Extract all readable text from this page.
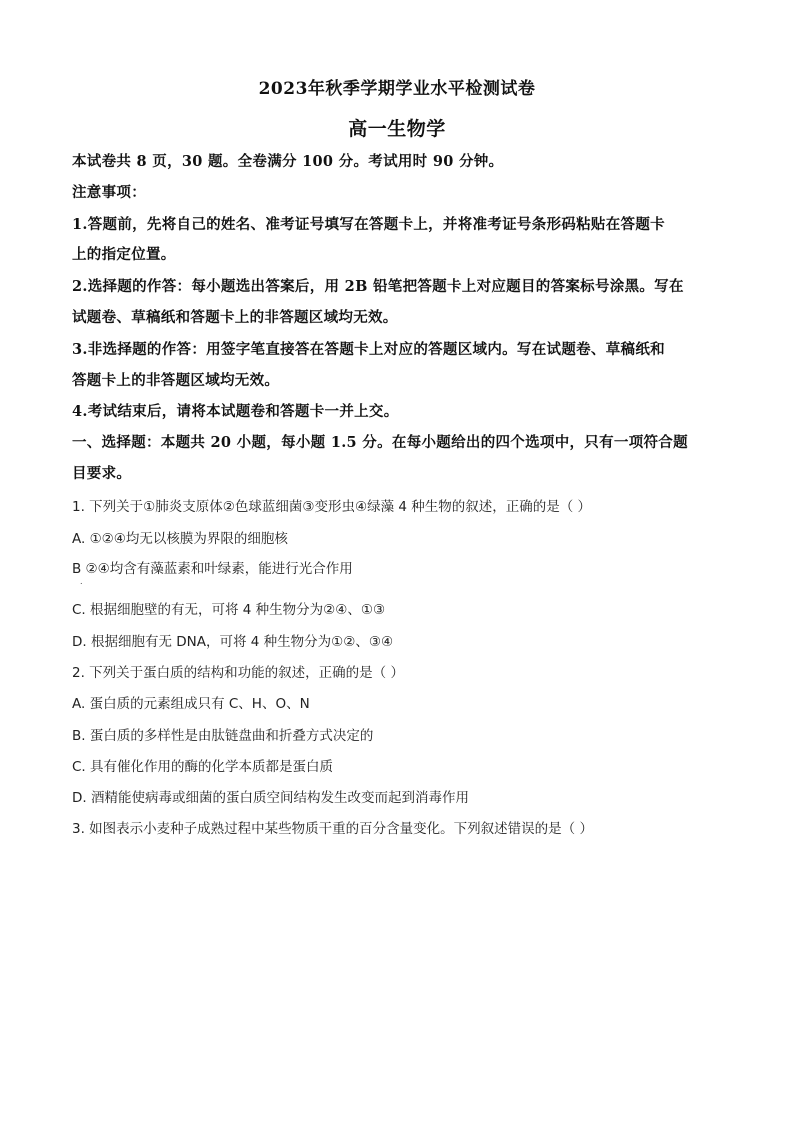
2023年秋季学期学业水平检测试卷
高一生物学
本试卷共 8 页，30 题。全卷满分 100 分。考试用时 90 分钟。
注意事项：
1.答题前，先将自己的姓名、准考证号填写在答题卡上，并将准考证号条形码粘贴在答题卡
上的指定位置。
2.选择题的作答：每小题选出答案后，用 2B 铅笔把答题卡上对应题目的答案标号涂黑。写在
试题卷、草稿纸和答题卡上的非答题区域均无效。
3.非选择题的作答：用签字笔直接答在答题卡上对应的答题区域内。写在试题卷、草稿纸和
答题卡上的非答题区域均无效。
4.考试结束后，请将本试题卷和答题卡一并上交。
一、选择题：本题共 20 小题，每小题 1.5 分。在每小题给出的四个选项中，只有一项符合题
目要求。
1. 下列关于①肺炎支原体②色球蓝细菌③变形虫④绿藻 4 种生物的叙述，正确的是（ ）
A. ①②④均无以核膜为界限的细胞核
B ②④均含有藻蓝素和叶绿素，能进行光合作用
.
C. 根据细胞壁的有无，可将 4 种生物分为②④、①③
D. 根据细胞有无 DNA，可将 4 种生物分为①②、③④
2. 下列关于蛋白质的结构和功能的叙述，正确的是（ ）
A. 蛋白质的元素组成只有 C、H、O、N
B. 蛋白质的多样性是由肽链盘曲和折叠方式决定的
C. 具有催化作用的酶的化学本质都是蛋白质
D. 酒精能使病毒或细菌的蛋白质空间结构发生改变而起到消毒作用
3. 如图表示小麦种子成熟过程中某些物质干重的百分含量变化。下列叙述错误的是（ ）
